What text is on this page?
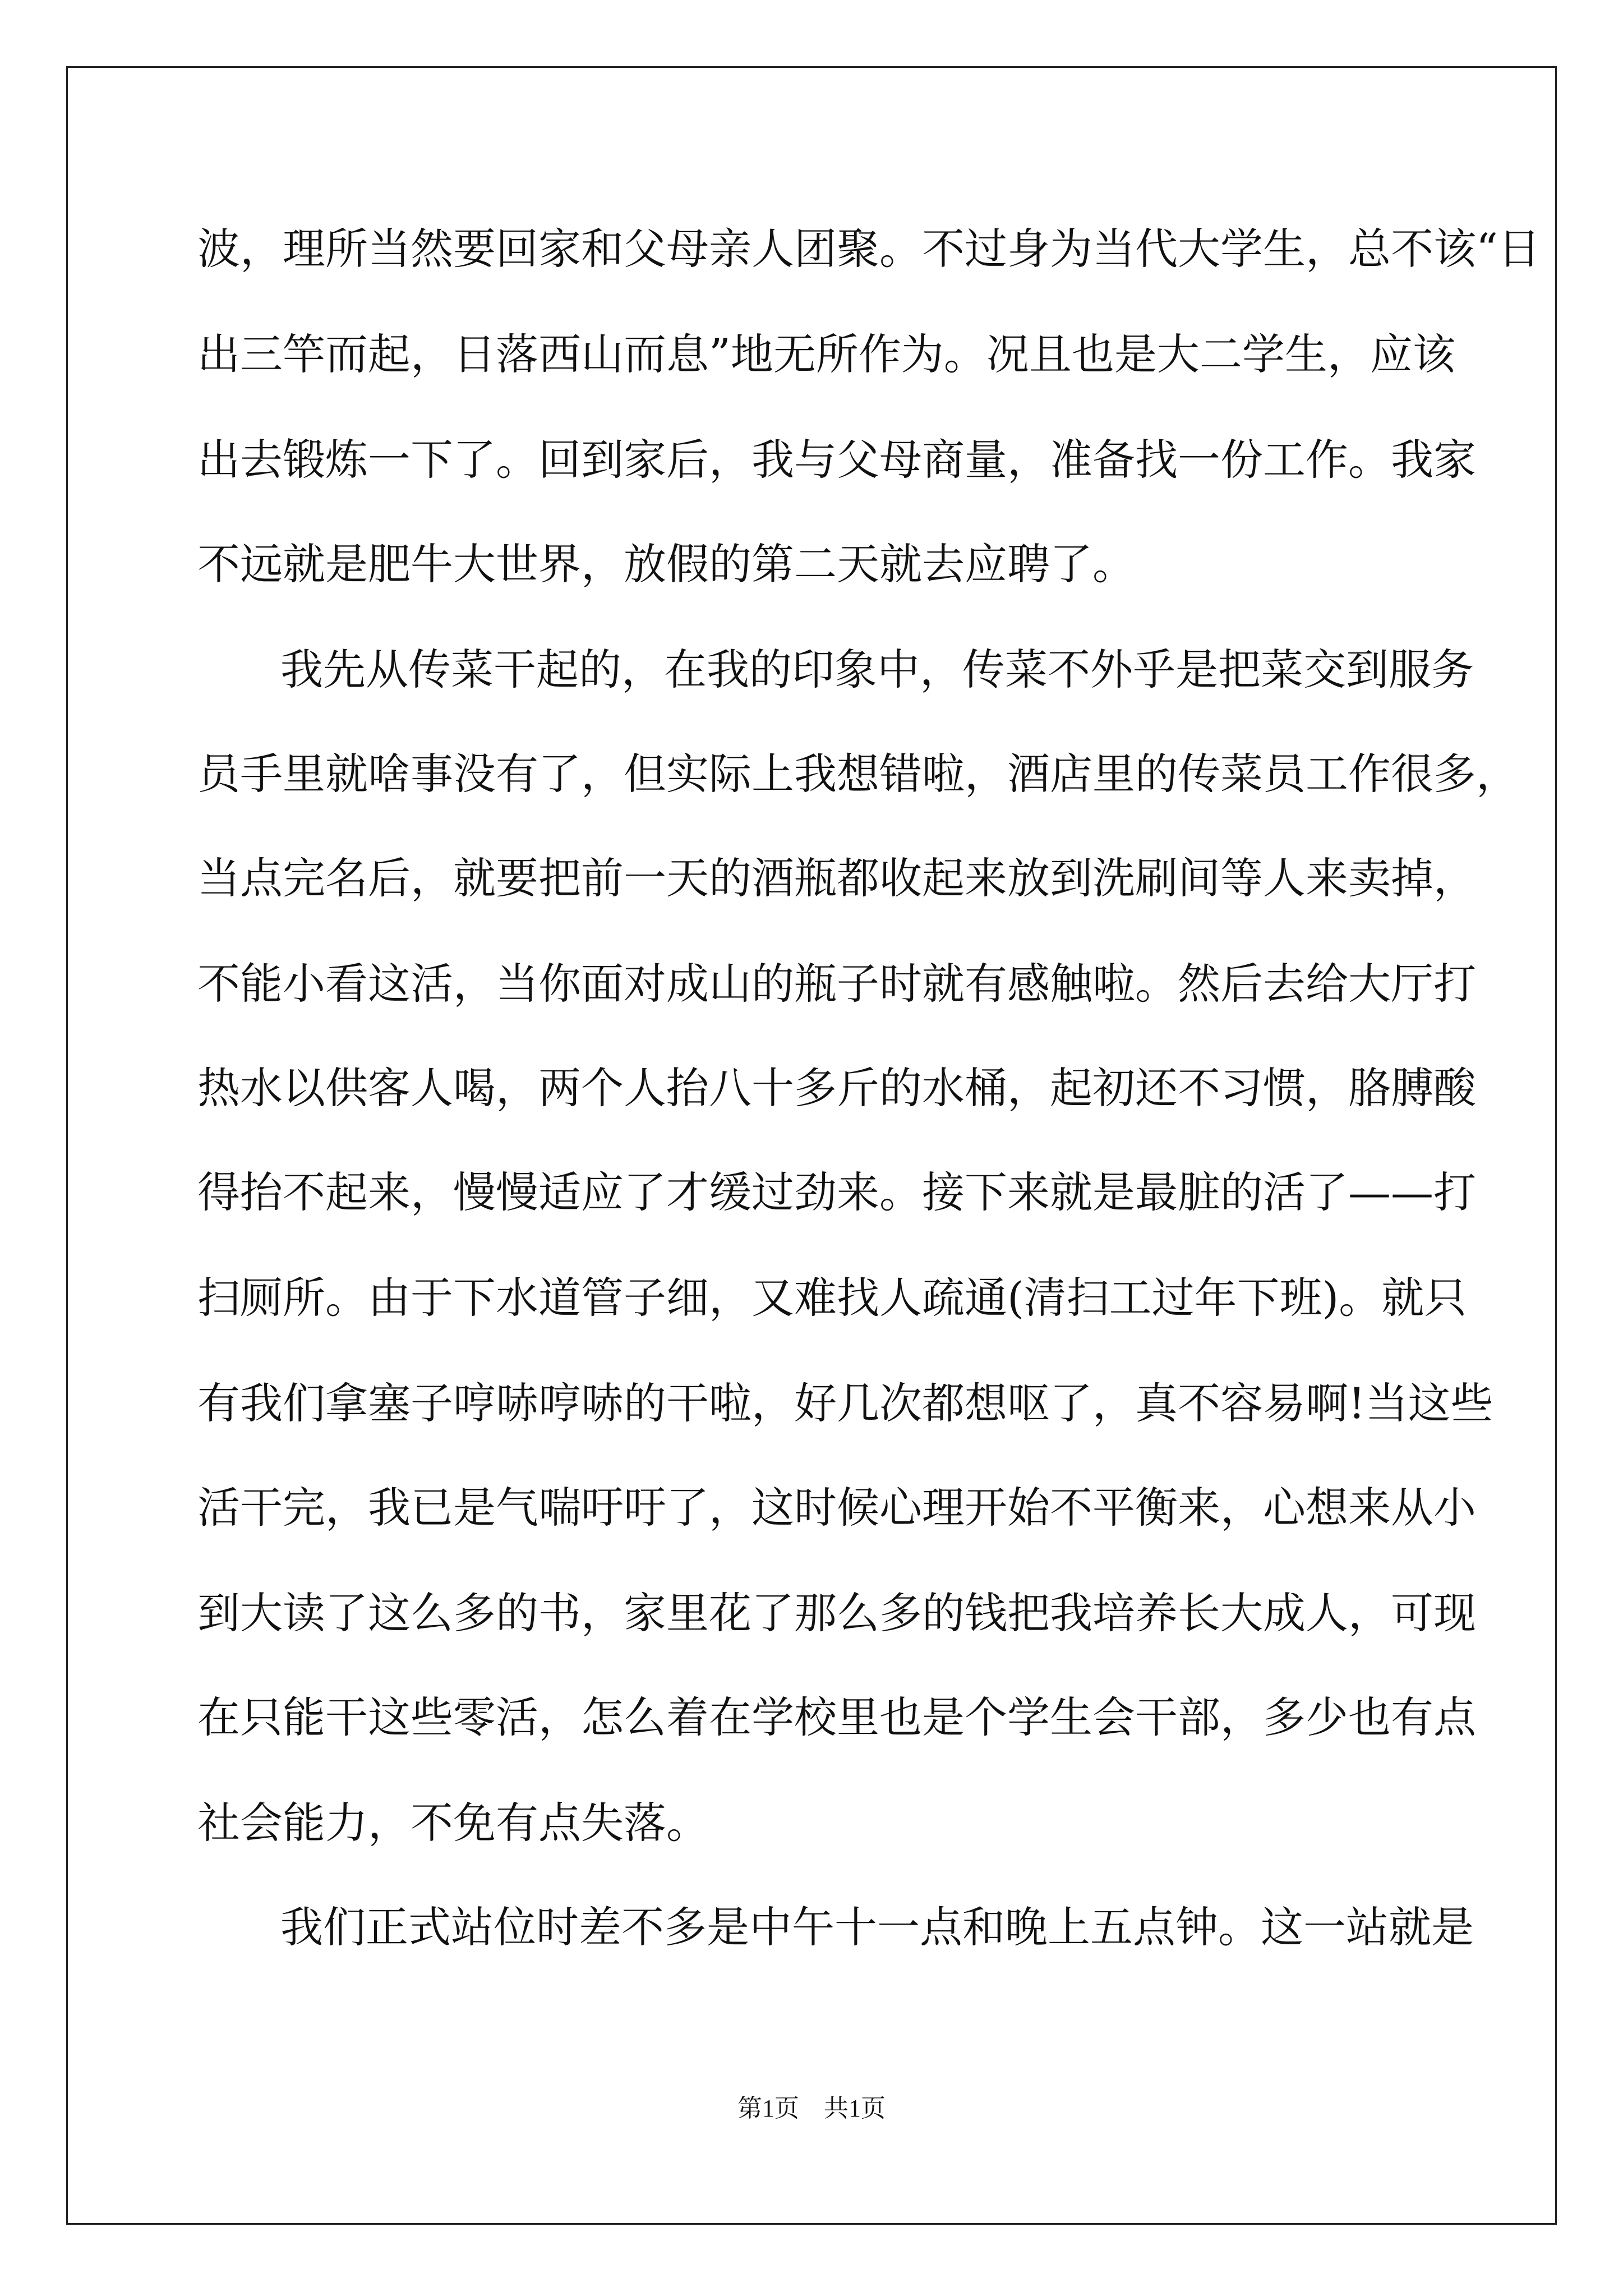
波，理所当然要回家和父母亲人团聚。不过身为当代大学生，总不该“日
出三竿而起，日落西山而息”地无所作为。况且也是大二学生，应该
出去锻炼一下了。回到家后，我与父母商量，准备找一份工作。我家
不远就是肥牛大世界，放假的第二天就去应聘了。
我先从传菜干起的，在我的印象中，传菜不外乎是把菜交到服务
员手里就啥事没有了，但实际上我想错啦，酒店里的传菜员工作很多，
当点完名后，就要把前一天的酒瓶都收起来放到洗刷间等人来卖掉，
不能小看这活，当你面对成山的瓶子时就有感触啦。然后去给大厅打
热水以供客人喝，两个人抬八十多斤的水桶，起初还不习惯，胳膊酸
得抬不起来，慢慢适应了才缓过劲来。接下来就是最脏的活了——打
扫厕所。由于下水道管子细，又难找人疏通(清扫工过年下班)。就只
有我们拿塞子哼哧哼哧的干啦，好几次都想呕了，真不容易啊!当这些
活干完，我已是气喘吁吁了，这时候心理开始不平衡来，心想来从小
到大读了这么多的书，家里花了那么多的钱把我培养长大成人，可现
在只能干这些零活，怎么着在学校里也是个学生会干部，多少也有点
社会能力，不免有点失落。
我们正式站位时差不多是中午十一点和晚上五点钟。这一站就是
第1页　共1页
